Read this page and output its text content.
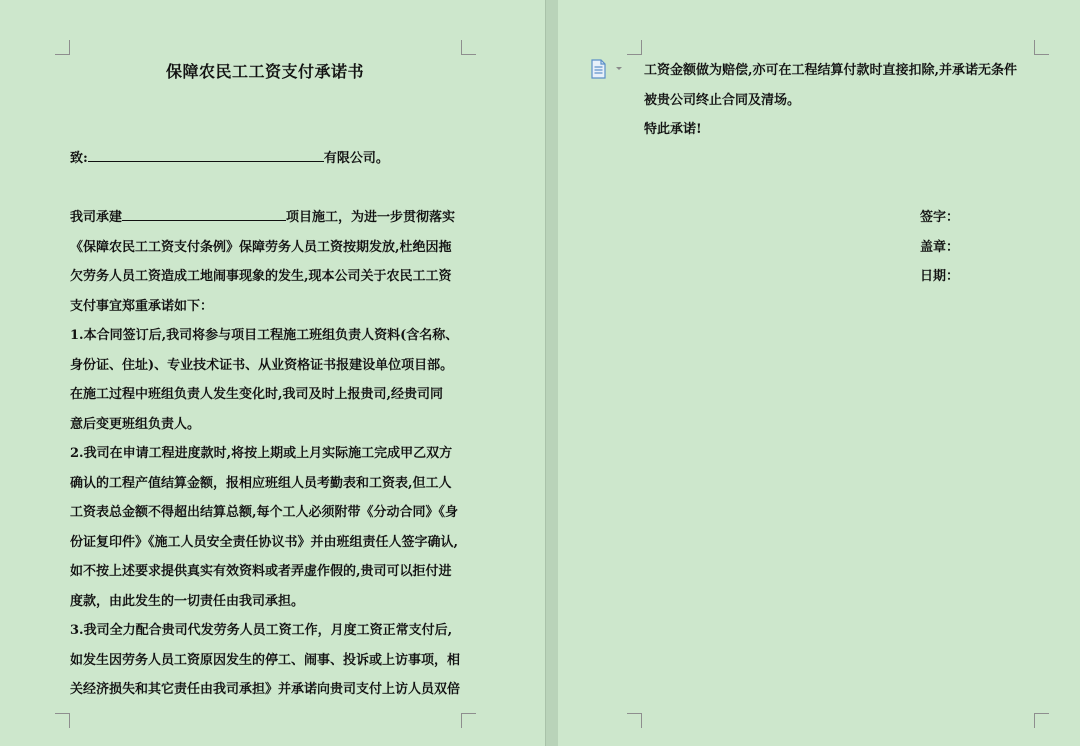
保障农民工工资支付承诺书
致:	有限公司。

我司承建	项目施工，为进一步贯彻落实

《保障农民工工资支付条例》保障劳务人员工资按期发放,杜绝因拖

欠劳务人员工资造成工地闹事现象的发生,现本公司关于农民工工资

支付事宜郑重承诺如下：

1.本合同签订后,我司将参与项目工程施工班组负责人资料(含名称、

身份证、住址)、专业技术证书、从业资格证书报建设单位项目部。

在施工过程中班组负责人发生变化时,我司及时上报贵司,经贵司同

意后变更班组负责人。

2.我司在申请工程进度款时,将按上期或上月实际施工完成甲乙双方

确认的工程产值结算金额，报相应班组人员考勤表和工资表,但工人

工资表总金额不得超出结算总额,每个工人必须附带《分动合同》《身

份证复印件》《施工人员安全责任协议书》并由班组责任人签字确认,

如不按上述要求提供真实有效资料或者弄虚作假的,贵司可以拒付进

度款，由此发生的一切责任由我司承担。

3.我司全力配合贵司代发劳务人员工资工作，月度工资正常支付后,

如发生因劳务人员工资原因发生的停工、闹事、投诉或上访事项，相

关经济损失和其它责任由我司承担》并承诺向贵司支付上访人员双倍

工资金额做为赔偿,亦可在工程结算付款时直接扣除,并承诺无条件

被贵公司终止合同及清场。

特此承诺!

签字：
盖章：
日期：
